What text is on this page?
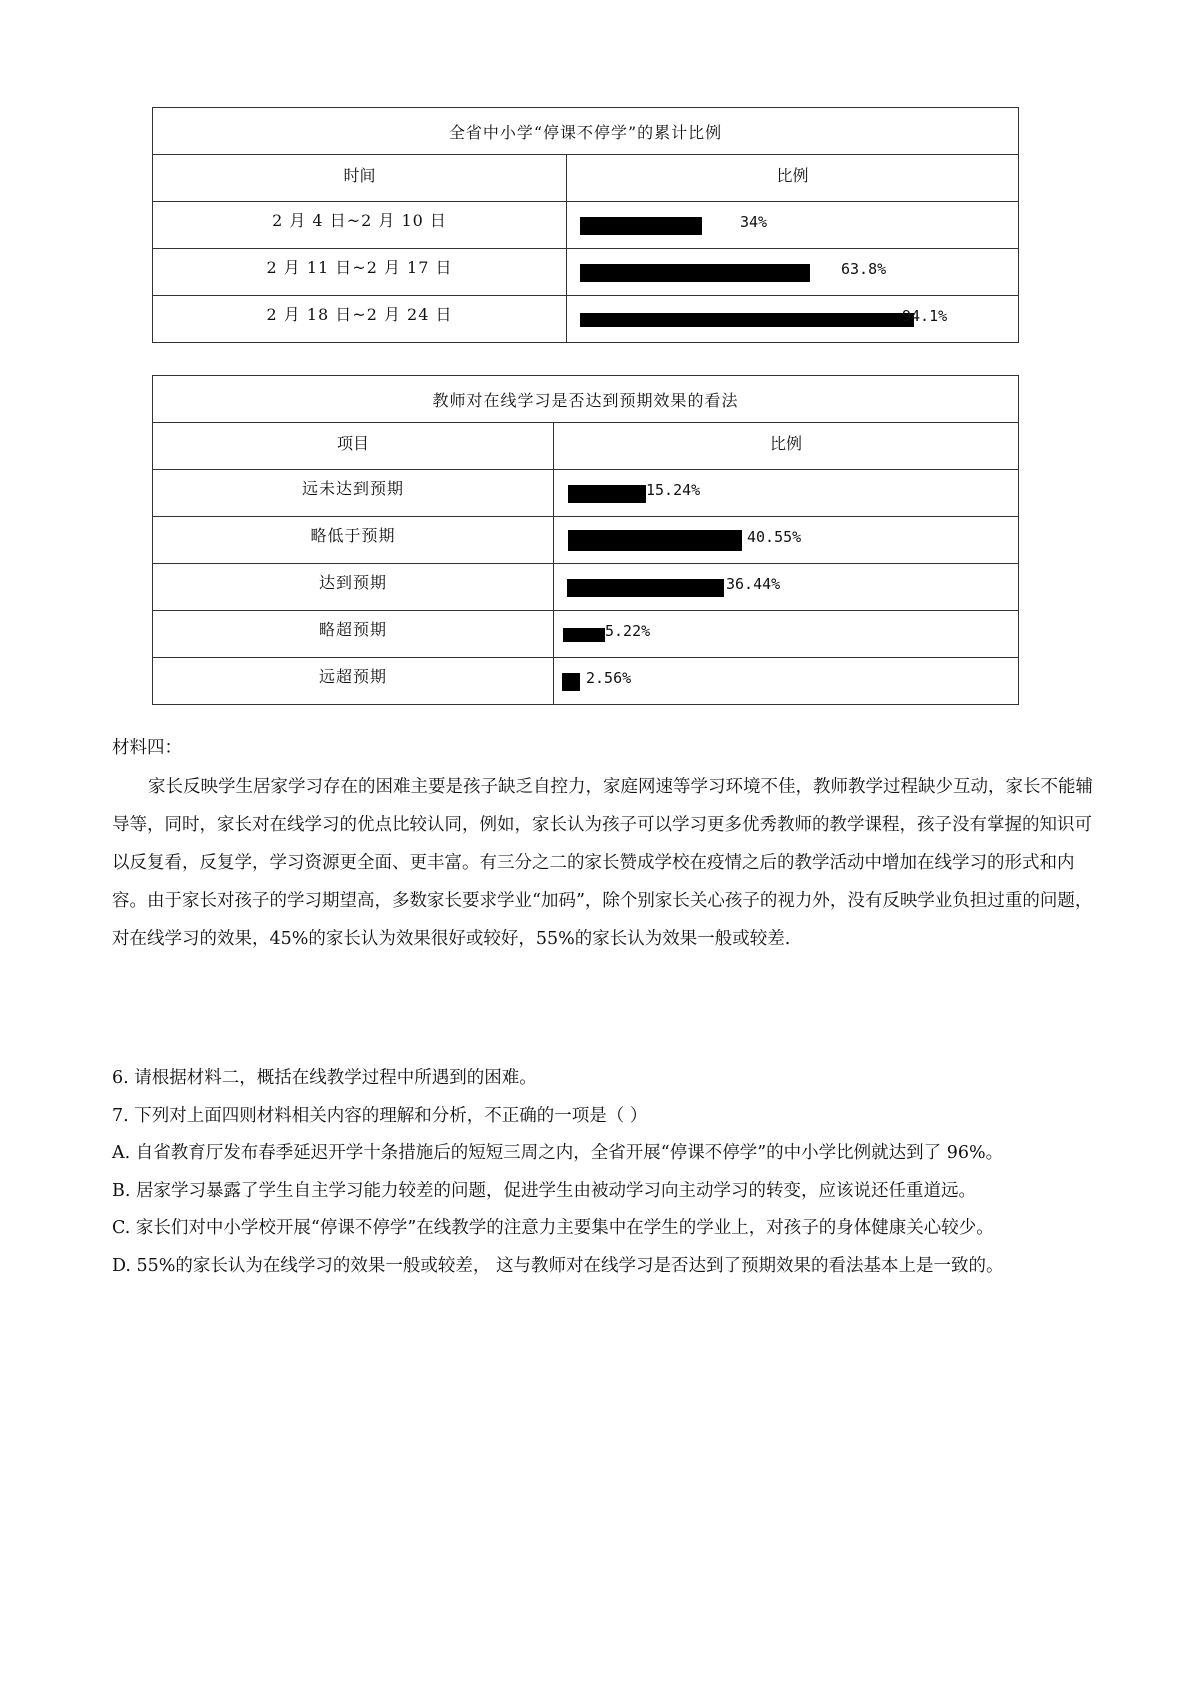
全省中小学“停课不停学”的累计比例	
时间	比例
2 月 4 日~2 月 10 日	34%

2 月 11 日~2 月 17 日	63.8%

2 月 18 日~2 月 24 日	94.1%
教师对在线学习是否达到预期效果的看法	
项目	比例
远未达到预期	15.24%

略低于预期	40.55%

达到预期	36.44%

略超预期	5.22%

远超预期	2.56%

材料四：

家长反映学生居家学习存在的困难主要是孩子缺乏自控力，家庭网速等学习环境不佳，教师教学过程缺少互动，家长不能辅导等，同时，家长对在线学习的优点比较认同，例如，家长认为孩子可以学习更多优秀教师的教学课程，孩子没有掌握的知识可以反复看，反复学，学习资源更全面、更丰富。有三分之二的家长赞成学校在疫情之后的教学活动中增加在线学习的形式和内容。由于家长对孩子的学习期望高，多数家长要求学业“加码”，除个别家长关心孩子的视力外，没有反映学业负担过重的问题，对在线学习的效果，45%的家长认为效果很好或较好，55%的家长认为效果一般或较差.

6. 请根据材料二，概括在线教学过程中所遇到的困难。

7. 下列对上面四则材料相关内容的理解和分析，不正确的一项是（ ）

A. 自省教育厅发布春季延迟开学十条措施后的短短三周之内，全省开展“停课不停学”的中小学比例就达到了 96%。

B. 居家学习暴露了学生自主学习能力较差的问题，促进学生由被动学习向主动学习的转变，应该说还任重道远。

C. 家长们对中小学校开展“停课不停学”在线教学的注意力主要集中在学生的学业上，对孩子的身体健康关心较少。

D. 55%的家长认为在线学习的效果一般或较差， 这与教师对在线学习是否达到了预期效果的看法基本上是一致的。
